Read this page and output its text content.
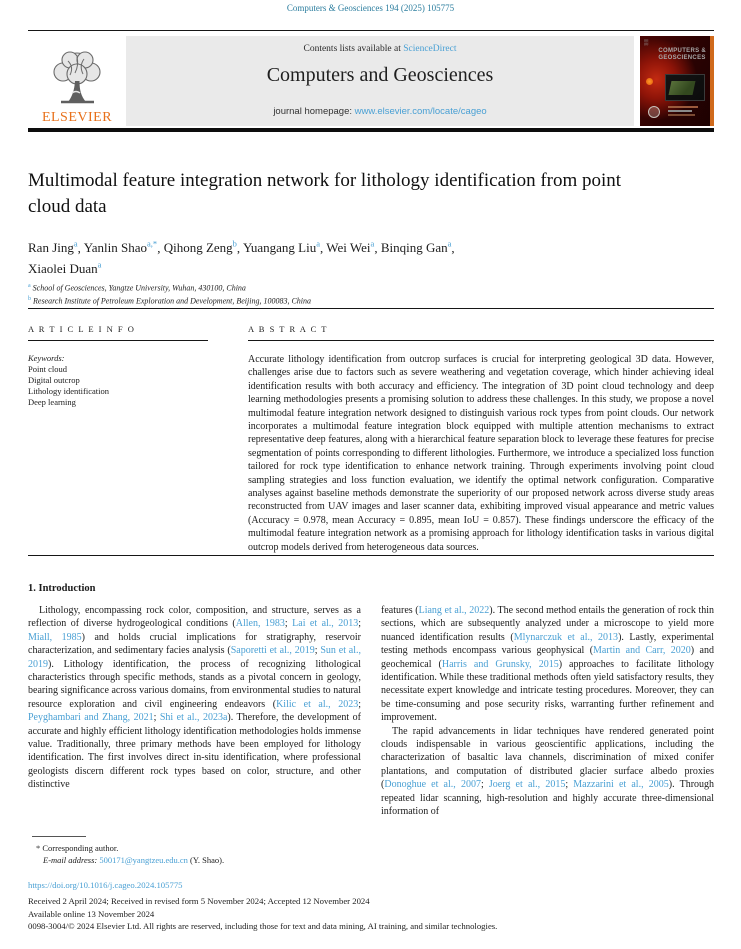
Computers & Geosciences 194 (2025) 105775
ELSEVIER
Contents lists available at ScienceDirect
Computers and Geosciences
journal homepage: www.elsevier.com/locate/cageo
▒
COMPUTERS &
GEOSCIENCES
Multimodal feature integration network for lithology identification from point cloud data
Ran Jing$^a$, Yanlin Shao$^{a,*}$, Qihong Zeng$^b$, Yuangang Liu$^a$, Wei Wei$^a$, Binqing Gan$^a$,
Xiaolei Duan$^a$
$^a$ School of Geosciences, Yangtze University, Wuhan, 430100, China
$^b$ Research Institute of Petroleum Exploration and Development, Beijing, 100083, China
A R T I C L E I N F O
Keywords:
Point cloud
Digital outcrop
Lithology identification
Deep learning
A B S T R A C T
Accurate lithology identification from outcrop surfaces is crucial for interpreting geological 3D data. However, challenges arise due to factors such as severe weathering and vegetation coverage, which hinder achieving ideal identification results with both accuracy and efficiency. The integration of 3D point cloud technology and deep learning methodologies presents a promising solution to address these challenges. In this study, we propose a novel multimodal feature integration network designed to distinguish various rock types from point clouds. Our network incorporates a multimodal feature integration block equipped with multiple attention mechanisms to extract representative deep features, along with a hierarchical feature separation block to leverage these features for precise segmentation of points corresponding to different lithologies. Furthermore, we introduce a specialized loss function tailored for rock type identification to enhance network training. Through experiments involving point cloud sampling strategies and loss function evaluation, we identify the optimal network configuration. Comparative analyses against baseline methods demonstrate the superiority of our proposed network across diverse study areas reconstructed from UAV images and laser scanner data, exhibiting improved visual appearance and metric values (Accuracy = 0.978, mean Accuracy = 0.895, mean IoU = 0.857). These findings underscore the efficacy of the multimodal feature integration network as a promising approach for lithology identification tasks in various digital outcrop models derived from heterogeneous data sources.
1. Introduction

Lithology, encompassing rock color, composition, and structure, serves as a reflection of diverse hydrogeological conditions (Allen, 1983; Lai et al., 2013; Miall, 1985) and holds crucial implications for stratigraphy, reservoir characterization, and sedimentary facies analysis (Saporetti et al., 2019; Sun et al., 2019). Lithology identification, the process of recognizing lithological characteristics through specific methods, stands as a pivotal concern in geology, bearing significance across various domains, from environmental studies to natural resource exploration and civil engineering endeavors (Kilic et al., 2023; Peyghambari and Zhang, 2021; Shi et al., 2023a). Therefore, the development of accurate and highly efficient lithology identification methodologies holds immense value. Traditionally, three primary methods have been employed for lithology identification. The first involves direct in-situ identification, where professional geologists discern different rock types based on color, structure, and other distinctive

features (Liang et al., 2022). The second method entails the generation of rock thin sections, which are subsequently analyzed under a microscope to yield more nuanced identification results (Mlynarczuk et al., 2013). Lastly, experimental testing methods encompass various geophysical (Martin and Carr, 2020) and geochemical (Harris and Grunsky, 2015) approaches to facilitate lithology identification. While these traditional methods often yield satisfactory results, they necessitate expert knowledge and intricate testing procedures. Moreover, they can be time-consuming and pose security risks, warranting further refinement and improvement.

The rapid advancements in lidar techniques have rendered generated point clouds indispensable in various geoscientific applications, including the characterization of basaltic lava channels, discrimination of mixed conifer plantations, and computation of distributed glacier surface albedo proxies (Donoghue et al., 2007; Joerg et al., 2015; Mazzarini et al., 2005). Through repeated lidar scanning, high-resolution and highly accurate three-dimensional information of

* Corresponding author.
E-mail address: 500171@yangtzeu.edu.cn (Y. Shao).
https://doi.org/10.1016/j.cageo.2024.105775
Received 2 April 2024; Received in revised form 5 November 2024; Accepted 12 November 2024
Available online 13 November 2024
0098-3004/© 2024 Elsevier Ltd. All rights are reserved, including those for text and data mining, AI training, and similar technologies.
